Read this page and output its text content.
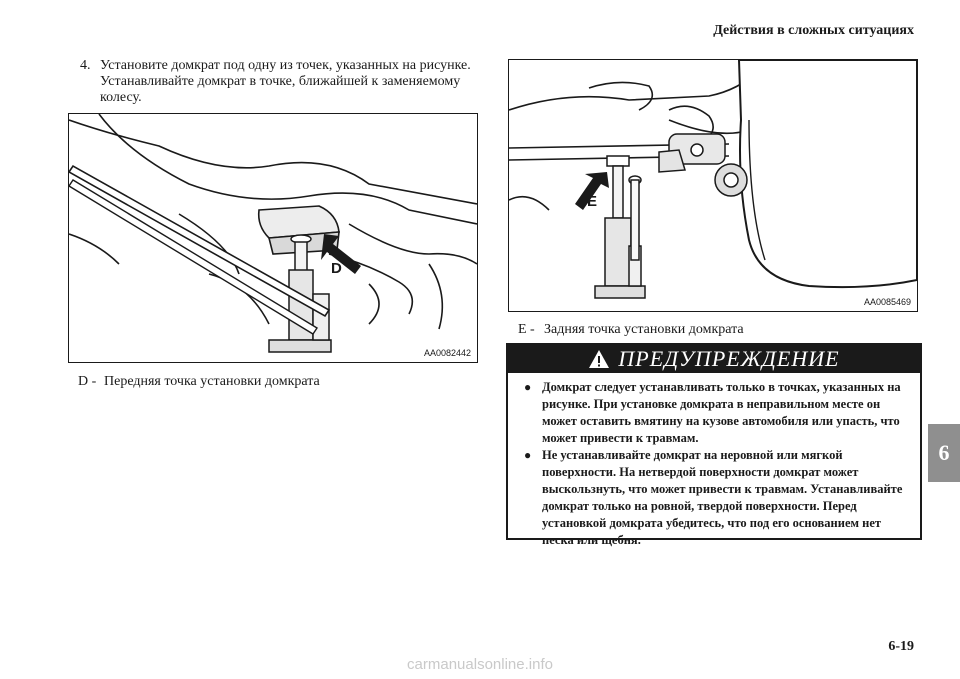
Действия в сложных ситуациях
6
4. Установите домкрат под одну из точек, указанных на рисунке. Устанавливайте домкрат в точке, ближайшей к заменяемому колесу.
D
AA0082442
E
AA0085469
D - Передняя точка установки домкрата
E - Задняя точка установки домкрата
ПРЕДУПРЕЖДЕНИЕ
● Домкрат следует устанавливать только в точках, указанных на рисунке. При установке домкрата в неправильном месте он может оставить вмятину на кузове автомобиля или упасть, что может привести к травмам.
● Не устанавливайте домкрат на неровной или мягкой поверхности. На нетвердой поверхности домкрат может выскользнуть, что может привести к травмам. Устанавливайте домкрат только на ровной, твердой поверхности. Перед установкой домкрата убедитесь, что под его основанием нет песка или щебня.
6-19
carmanualsonline.info
